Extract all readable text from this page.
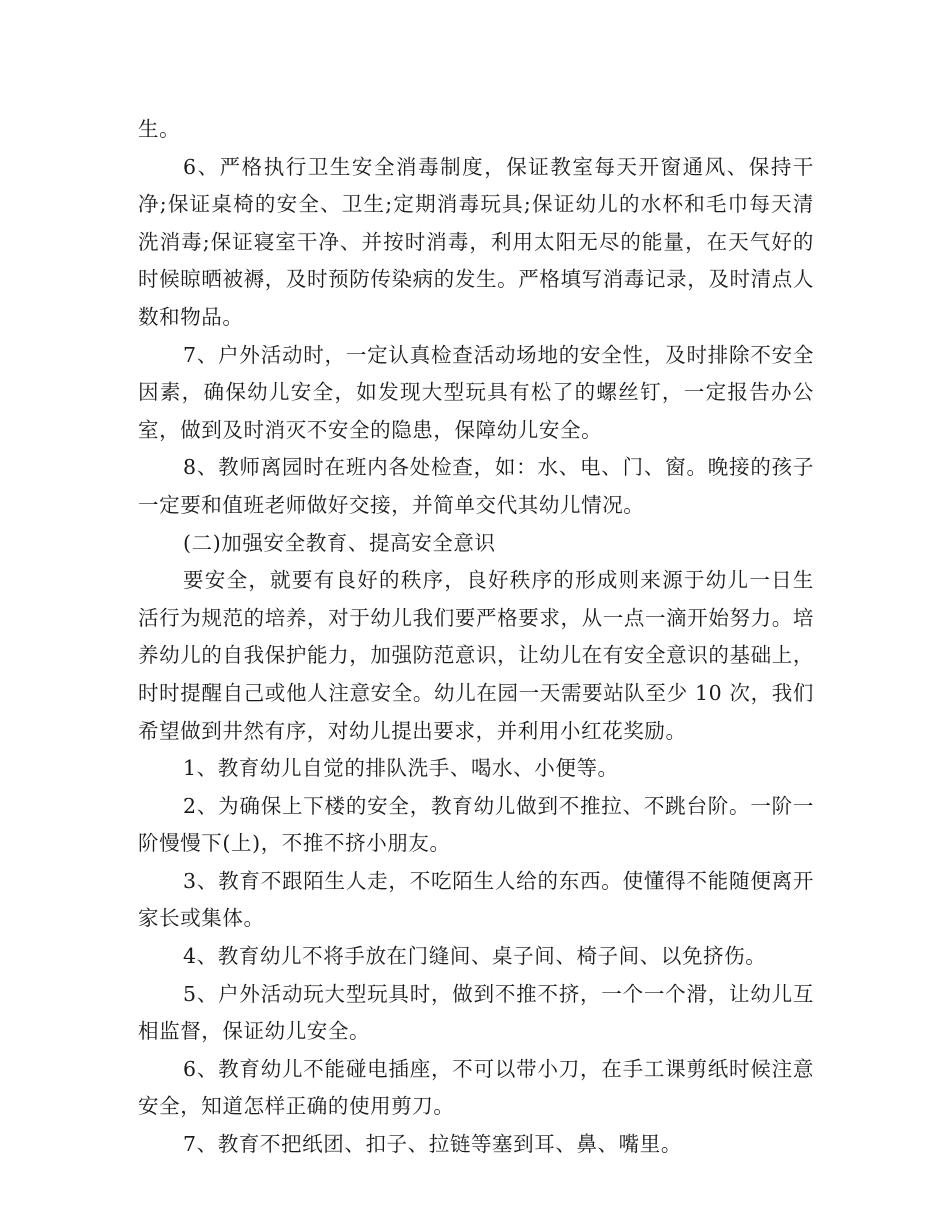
生。

6、严格执行卫生安全消毒制度，保证教室每天开窗通风、保持干净;保证桌椅的安全、卫生;定期消毒玩具;保证幼儿的水杯和毛巾每天清洗消毒;保证寝室干净、并按时消毒，利用太阳无尽的能量，在天气好的时候晾晒被褥，及时预防传染病的发生。严格填写消毒记录，及时清点人数和物品。

7、户外活动时，一定认真检查活动场地的安全性，及时排除不安全因素，确保幼儿安全，如发现大型玩具有松了的螺丝钉，一定报告办公室，做到及时消灭不安全的隐患，保障幼儿安全。

8、教师离园时在班内各处检查，如：水、电、门、窗。晚接的孩子一定要和值班老师做好交接，并简单交代其幼儿情况。

(二)加强安全教育、提高安全意识

要安全，就要有良好的秩序，良好秩序的形成则来源于幼儿一日生活行为规范的培养，对于幼儿我们要严格要求，从一点一滴开始努力。培养幼儿的自我保护能力，加强防范意识，让幼儿在有安全意识的基础上，时时提醒自己或他人注意安全。幼儿在园一天需要站队至少 10 次，我们希望做到井然有序，对幼儿提出要求，并利用小红花奖励。

1、教育幼儿自觉的排队洗手、喝水、小便等。

2、为确保上下楼的安全，教育幼儿做到不推拉、不跳台阶。一阶一阶慢慢下(上)，不推不挤小朋友。

3、教育不跟陌生人走，不吃陌生人给的东西。使懂得不能随便离开家长或集体。

4、教育幼儿不将手放在门缝间、桌子间、椅子间、以免挤伤。

5、户外活动玩大型玩具时，做到不推不挤，一个一个滑，让幼儿互相监督，保证幼儿安全。

6、教育幼儿不能碰电插座，不可以带小刀，在手工课剪纸时候注意安全，知道怎样正确的使用剪刀。

7、教育不把纸团、扣子、拉链等塞到耳、鼻、嘴里。
